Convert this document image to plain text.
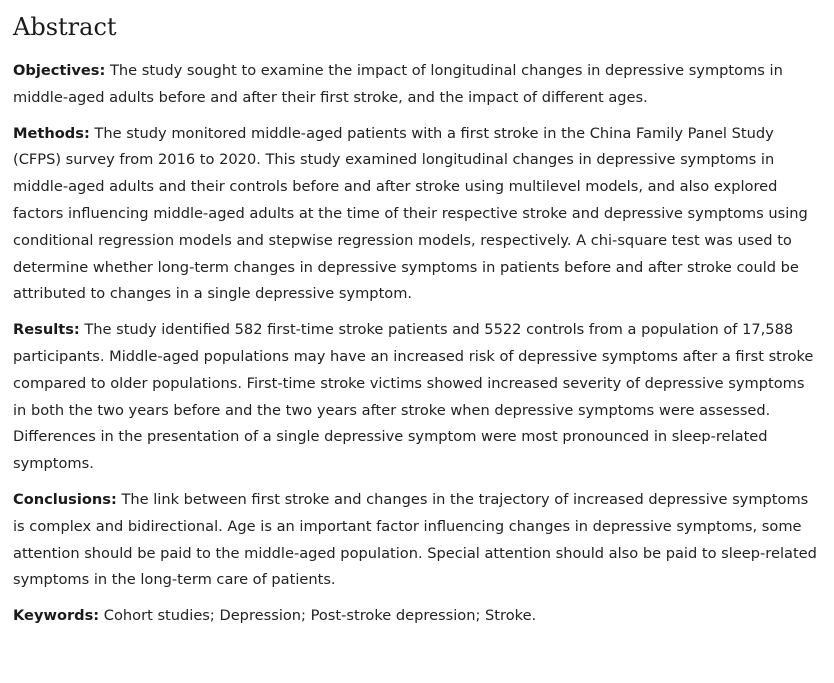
Abstract

Objectives: The study sought to examine the impact of longitudinal changes in depressive symptoms in middle-aged adults before and after their first stroke, and the impact of different ages.

Methods: The study monitored middle-aged patients with a first stroke in the China Family Panel Study (CFPS) survey from 2016 to 2020. This study examined longitudinal changes in depressive symptoms in middle-aged adults and their controls before and after stroke using multilevel models, and also explored factors influencing middle-aged adults at the time of their respective stroke and depressive symptoms using conditional regression models and stepwise regression models, respectively. A chi-square test was used to determine whether long-term changes in depressive symptoms in patients before and after stroke could be attributed to changes in a single depressive symptom.

Results: The study identified 582 first-time stroke patients and 5522 controls from a population of 17,588 participants. Middle-aged populations may have an increased risk of depressive symptoms after a first stroke compared to older populations. First-time stroke victims showed increased severity of depressive symptoms in both the two years before and the two years after stroke when depressive symptoms were assessed. Differences in the presentation of a single depressive symptom were most pronounced in sleep-related symptoms.

Conclusions: The link between first stroke and changes in the trajectory of increased depressive symptoms is complex and bidirectional. Age is an important factor influencing changes in depressive symptoms, some attention should be paid to the middle-aged population. Special attention should also be paid to sleep-related symptoms in the long-term care of patients.

Keywords: Cohort studies; Depression; Post-stroke depression; Stroke.
